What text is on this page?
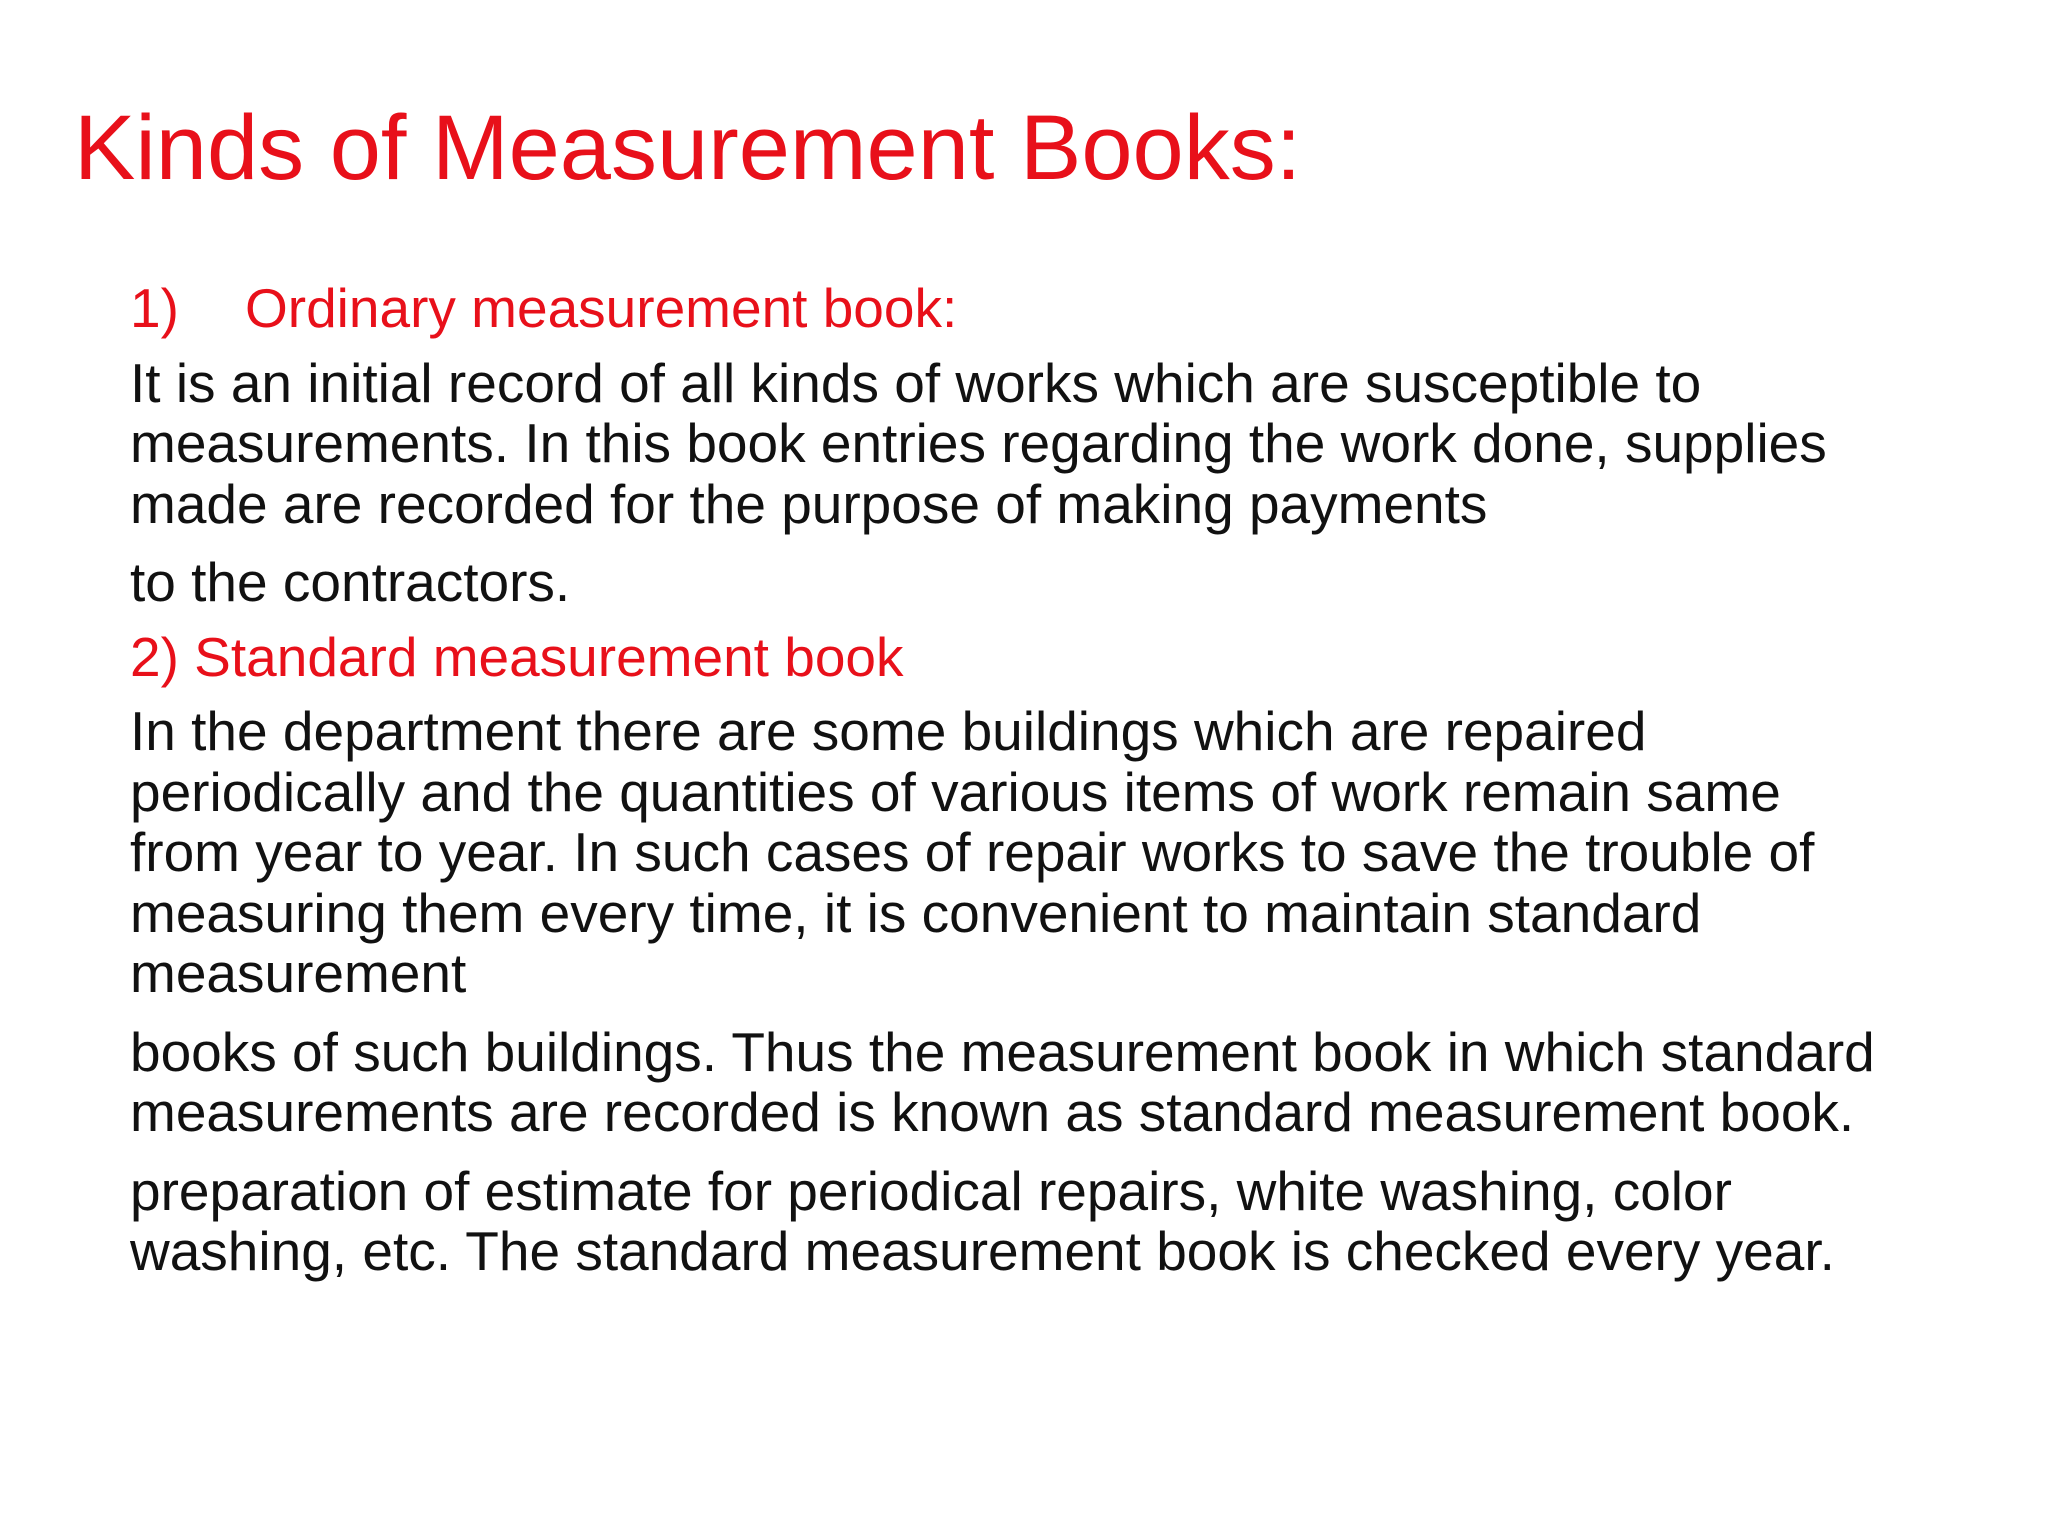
Kinds of Measurement Books:

1) Ordinary measurement book:

It is an initial record of all kinds of works which are susceptible to
measurements. In this book entries regarding the work done, supplies
made are recorded for the purpose of making payments

to the contractors.

2) Standard measurement book

In the department there are some buildings which are repaired
periodically and the quantities of various items of work remain same
from year to year. In such cases of repair works to save the trouble of
measuring them every time, it is convenient to maintain standard
measurement

books of such buildings. Thus the measurement book in which standard
measurements are recorded is known as standard measurement book.

preparation of estimate for periodical repairs, white washing, color
washing, etc. The standard measurement book is checked every year.
